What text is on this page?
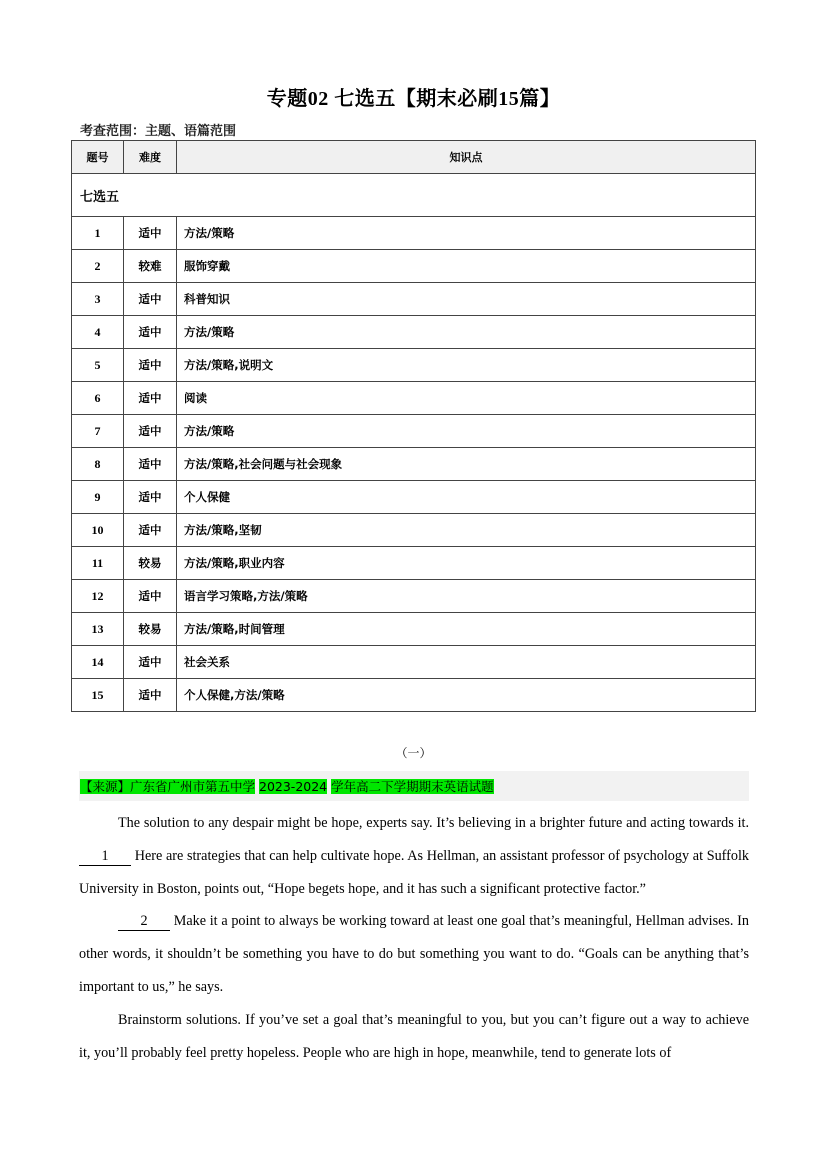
专题02 七选五【期末必刷15篇】
考查范围：主题、语篇范围
题号	难度	知识点
七选五		
1	适中	方法/策略
2	较难	服饰穿戴
3	适中	科普知识
4	适中	方法/策略
5	适中	方法/策略,说明文
6	适中	阅读
7	适中	方法/策略
8	适中	方法/策略,社会问题与社会现象
9	适中	个人保健
10	适中	方法/策略,坚韧
11	较易	方法/策略,职业内容
12	适中	语言学习策略,方法/策略
13	较易	方法/策略,时间管理
14	适中	社会关系
15	适中	个人保健,方法/策略
（一）
【来源】广东省广州市第五中学 2023-2024 学年高二下学期期末英语试题

The solution to any despair might be hope, experts say. It’s believing in a brighter future and acting towards it. 1 Here are strategies that can help cultivate hope. As Hellman, an assistant professor of psychology at Suffolk University in Boston, points out, “Hope begets hope, and it has such a significant protective factor.”

2 Make it a point to always be working toward at least one goal that’s meaningful, Hellman advises. In other words, it shouldn’t be something you have to do but something you want to do. “Goals can be anything that’s important to us,” he says.

Brainstorm solutions. If you’ve set a goal that’s meaningful to you, but you can’t figure out a way to achieve it, you’ll probably feel pretty hopeless. People who are high in hope, meanwhile, tend to generate lots of
